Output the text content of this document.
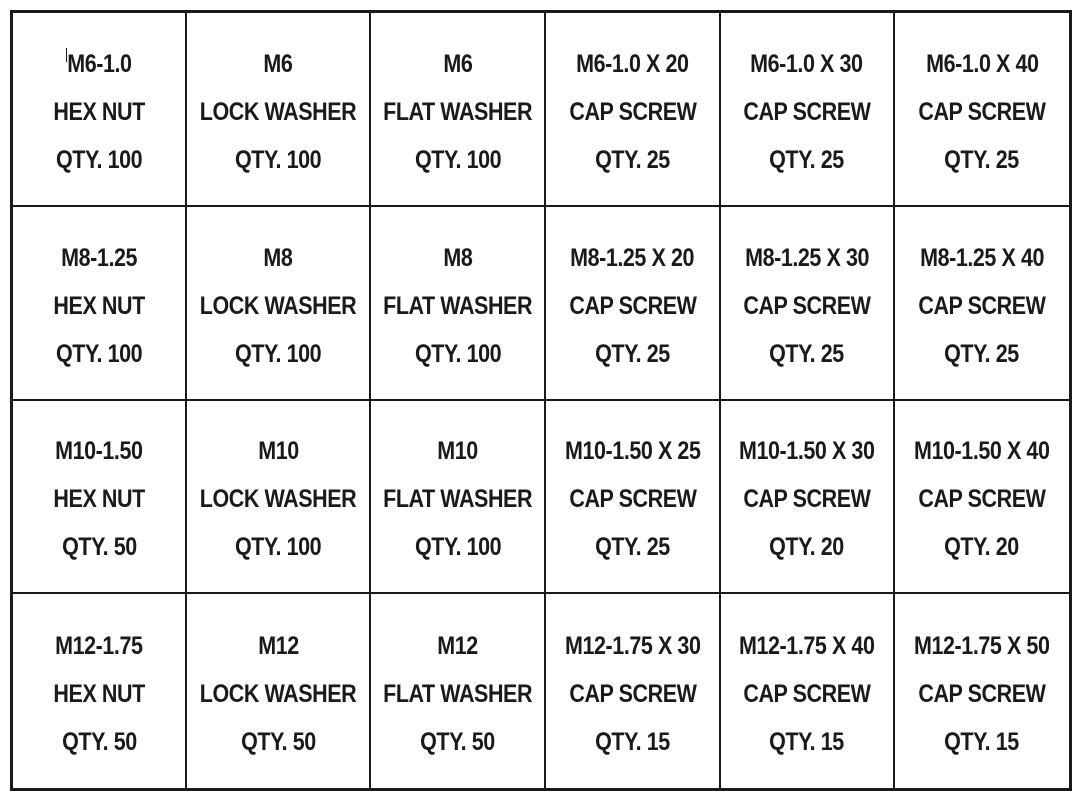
M6-1.0
HEX NUT
QTY. 100
M6
LOCK WASHER
QTY. 100
M6
FLAT WASHER
QTY. 100
M6-1.0 X 20
CAP SCREW
QTY. 25
M6-1.0 X 30
CAP SCREW
QTY. 25
M6-1.0 X 40
CAP SCREW
QTY. 25
M8-1.25
HEX NUT
QTY. 100
M8
LOCK WASHER
QTY. 100
M8
FLAT WASHER
QTY. 100
M8-1.25 X 20
CAP SCREW
QTY. 25
M8-1.25 X 30
CAP SCREW
QTY. 25
M8-1.25 X 40
CAP SCREW
QTY. 25
M10-1.50
HEX NUT
QTY. 50
M10
LOCK WASHER
QTY. 100
M10
FLAT WASHER
QTY. 100
M10-1.50 X 25
CAP SCREW
QTY. 25
M10-1.50 X 30
CAP SCREW
QTY. 20
M10-1.50 X 40
CAP SCREW
QTY. 20
M12-1.75
HEX NUT
QTY. 50
M12
LOCK WASHER
QTY. 50
M12
FLAT WASHER
QTY. 50
M12-1.75 X 30
CAP SCREW
QTY. 15
M12-1.75 X 40
CAP SCREW
QTY. 15
M12-1.75 X 50
CAP SCREW
QTY. 15
